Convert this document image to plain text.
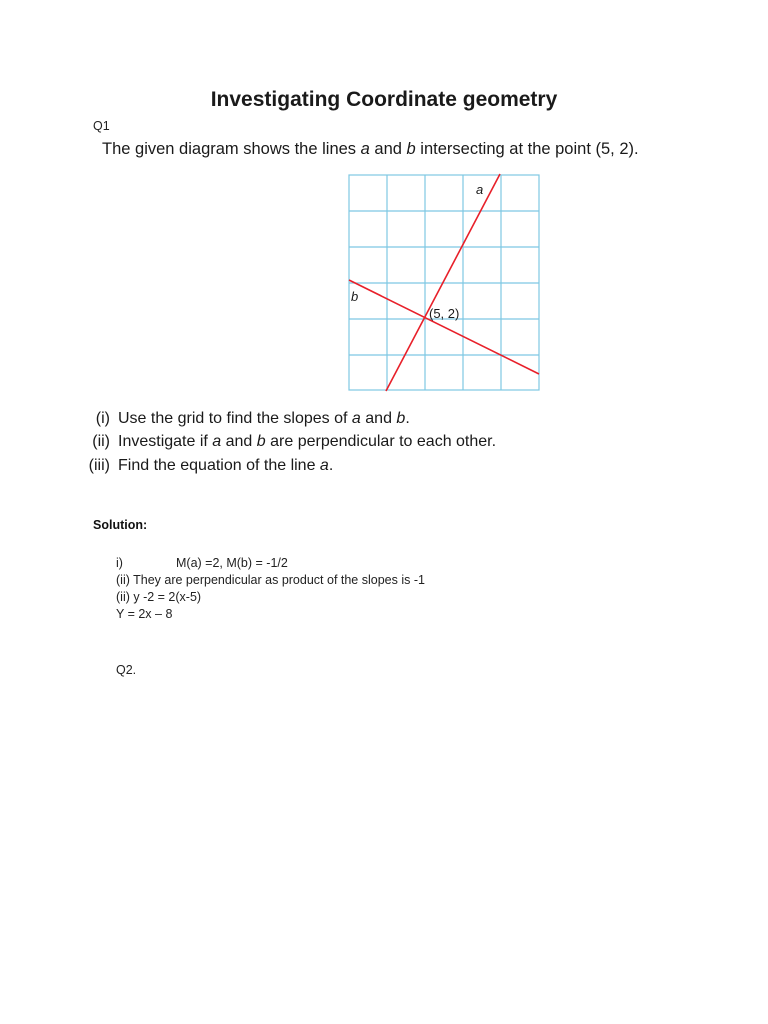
Investigating Coordinate geometry
Q1
The given diagram shows the lines a and b intersecting at the point (5, 2).
a
b
(5, 2)
(i) Use the grid to find the slopes of a and b.
(ii) Investigate if a and b are perpendicular to each other.
(iii) Find the equation of the line a.
Solution:
i)	M(a) =2, M(b) = -1/2
(ii) They are perpendicular as product of the slopes is -1
(ii) y -2 = 2(x-5)
Y = 2x – 8
Q2.
